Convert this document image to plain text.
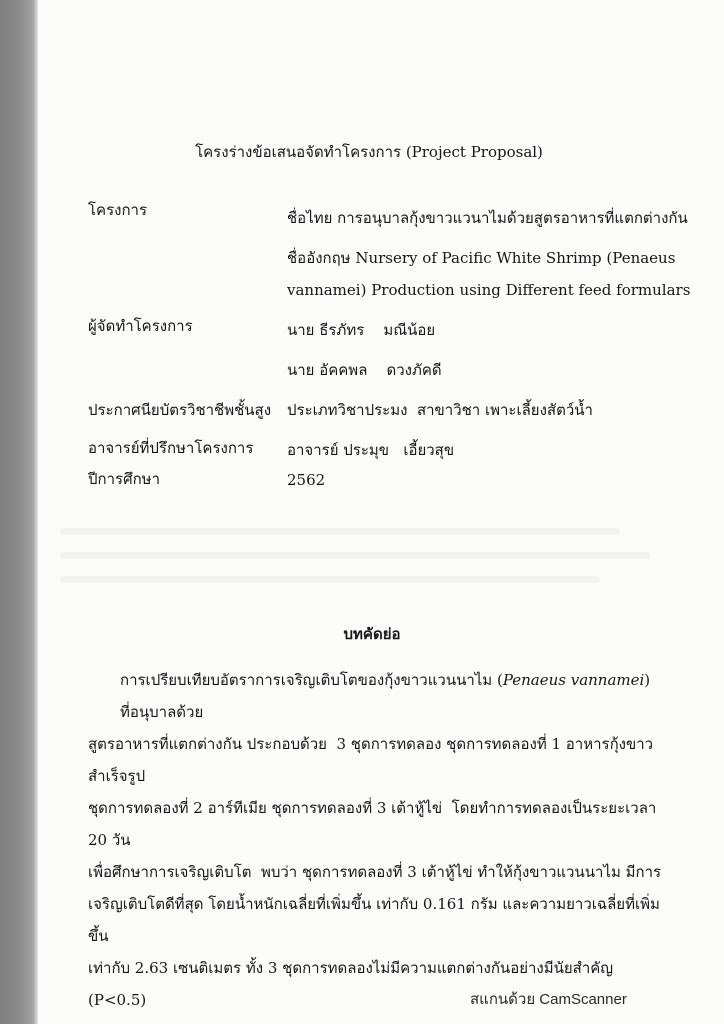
โครงร่างข้อเสนอจัดทำโครงการ (Project Proposal)
โครงการ	ชื่อไทย การอนุบาลกุ้งขาวแวนาไมด้วยสูตรอาหารที่แตกต่างกัน
ชื่ออังกฤษ Nursery of Pacific White Shrimp (Penaeus
vannamei) Production using Different feed formulars
ผู้จัดทำโครงการ	นาย ธีรภัทร    มณีน้อย
นาย อัคคพล    ดวงภัคดี
ประกาศนียบัตรวิชาชีพชั้นสูง ประเภทวิชาประมง  สาขาวิชา เพาะเลี้ยงสัตว์น้ำ
อาจารย์ที่ปรึกษาโครงการ อาจารย์ ประมุข   เอี้ยวสุข
ปีการศึกษา	2562
บทคัดย่อ
การเปรียบเทียบอัตราการเจริญเติบโตของกุ้งขาวแวนนาไม (Penaeus vannamei) ที่อนุบาลด้วย
สูตรอาหารที่แตกต่างกัน ประกอบด้วย  3 ชุดการทดลอง ชุดการทดลองที่ 1 อาหารกุ้งขาวสำเร็จรูป
ชุดการทดลองที่ 2 อาร์ทีเมีย ชุดการทดลองที่ 3 เต้าหู้ไข่  โดยทำการทดลองเป็นระยะเวลา 20 วัน
เพื่อศึกษาการเจริญเติบโต  พบว่า ชุดการทดลองที่ 3 เต้าหู้ไข่ ทำให้กุ้งขาวแวนนาไม มีการ
เจริญเติบโตดีที่สุด โดยน้ำหนักเฉลี่ยที่เพิ่มขึ้น เท่ากับ 0.161 กรัม และความยาวเฉลี่ยที่เพิ่มขึ้น
เท่ากับ 2.63 เซนติเมตร ทั้ง 3 ชุดการทดลองไม่มีความแตกต่างกันอย่างมีนัยสำคัญ (P<0.5)	สแกนด้วย CamScanner
